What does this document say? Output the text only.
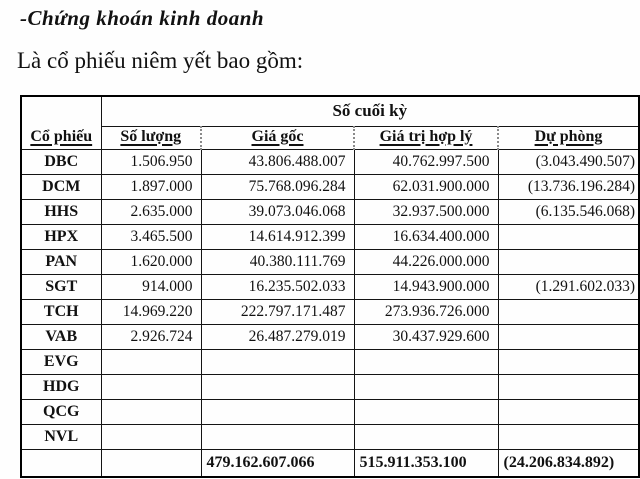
-Chứng khoán kinh doanh
Là cổ phiếu niêm yết bao gồm:
Cổ phiếu	Số cuối kỳ			
	Số lượng	Giá gốc	Giá trị hợp lý	Dự phòng
DBC	1.506.950	43.806.488.007	40.762.997.500	(3.043.490.507)
DCM	1.897.000	75.768.096.284	62.031.900.000	(13.736.196.284)
HHS	2.635.000	39.073.046.068	32.937.500.000	(6.135.546.068)
HPX	3.465.500	14.614.912.399	16.634.400.000	
PAN	1.620.000	40.380.111.769	44.226.000.000	
SGT	914.000	16.235.502.033	14.943.900.000	(1.291.602.033)
TCH	14.969.220	222.797.171.487	273.936.726.000	
VAB	2.926.724	26.487.279.019	30.437.929.600	
EVG				
HDG				
QCG				
NVL				
		479.162.607.066	515.911.353.100	(24.206.834.892)
